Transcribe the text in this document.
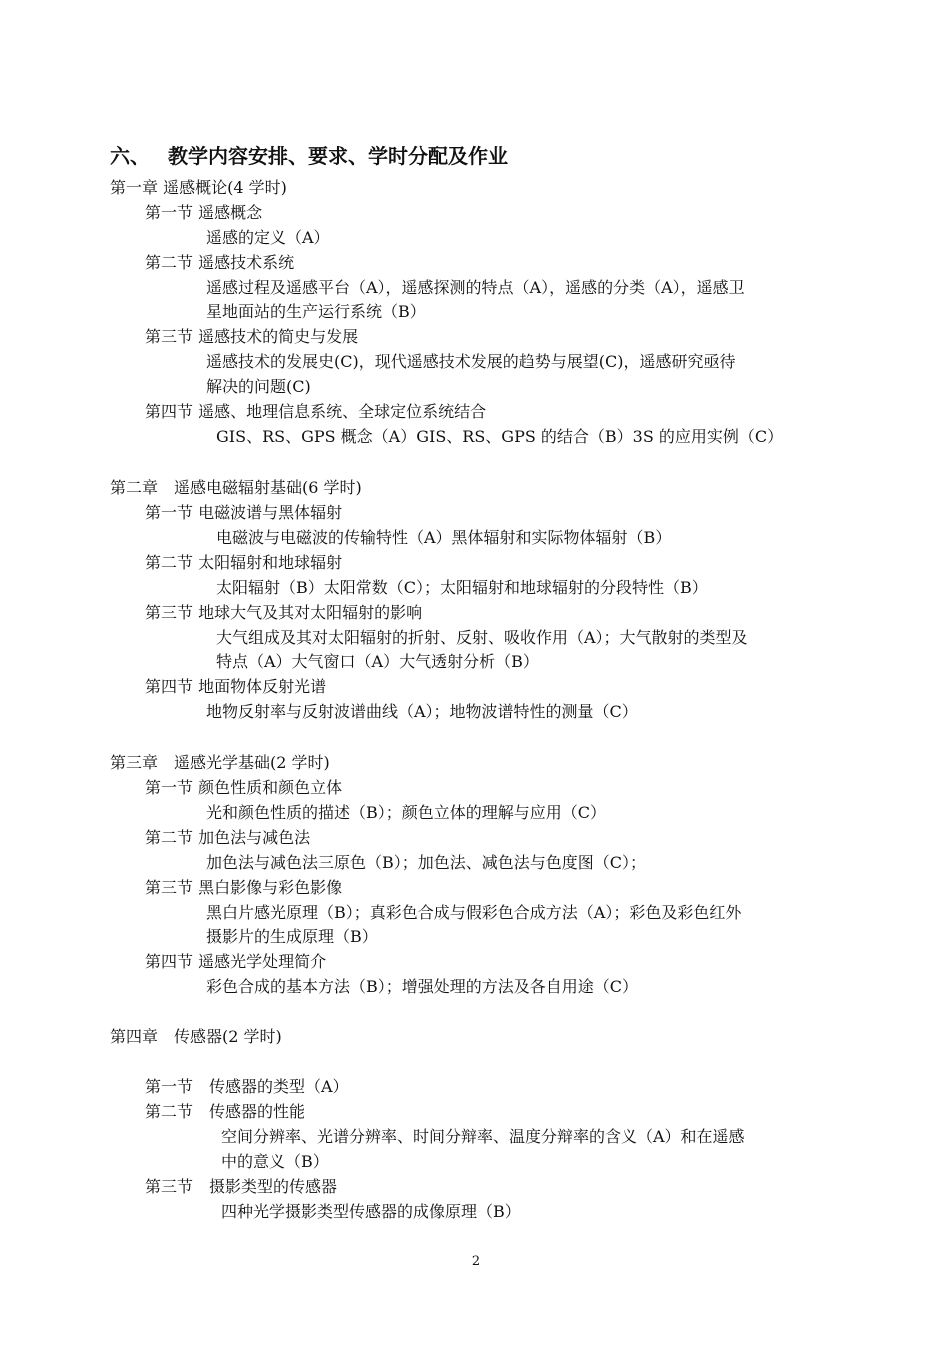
六、 教学内容安排、要求、学时分配及作业
第一章 遥感概论(4 学时)
第一节 遥感概念
遥感的定义（A）
第二节 遥感技术系统
遥感过程及遥感平台（A），遥感探测的特点（A），遥感的分类（A），遥感卫
星地面站的生产运行系统（B）
第三节 遥感技术的简史与发展
遥感技术的发展史(C)，现代遥感技术发展的趋势与展望(C)，遥感研究亟待
解决的问题(C)
第四节 遥感、地理信息系统、全球定位系统结合
GIS、RS、GPS 概念（A）GIS、RS、GPS 的结合（B）3S 的应用实例（C）
第二章　遥感电磁辐射基础(6 学时)
第一节 电磁波谱与黑体辐射
电磁波与电磁波的传输特性（A）黑体辐射和实际物体辐射（B）
第二节 太阳辐射和地球辐射
太阳辐射（B）太阳常数（C）；太阳辐射和地球辐射的分段特性（B）
第三节 地球大气及其对太阳辐射的影响
大气组成及其对太阳辐射的折射、反射、吸收作用（A）；大气散射的类型及
特点（A）大气窗口（A）大气透射分析（B）
第四节 地面物体反射光谱
地物反射率与反射波谱曲线（A）；地物波谱特性的测量（C）
第三章　遥感光学基础(2 学时)
第一节 颜色性质和颜色立体
光和颜色性质的描述（B）；颜色立体的理解与应用（C）
第二节 加色法与减色法
加色法与减色法三原色（B）；加色法、减色法与色度图（C）；
第三节 黑白影像与彩色影像
黑白片感光原理（B）；真彩色合成与假彩色合成方法（A）；彩色及彩色红外
摄影片的生成原理（B）
第四节 遥感光学处理简介
彩色合成的基本方法（B）；增强处理的方法及各自用途（C）
第四章　传感器(2 学时)
第一节　传感器的类型（A）
第二节　传感器的性能
空间分辨率、光谱分辨率、时间分辩率、温度分辩率的含义（A）和在遥感
中的意义（B）
第三节　摄影类型的传感器
四种光学摄影类型传感器的成像原理（B）
2
